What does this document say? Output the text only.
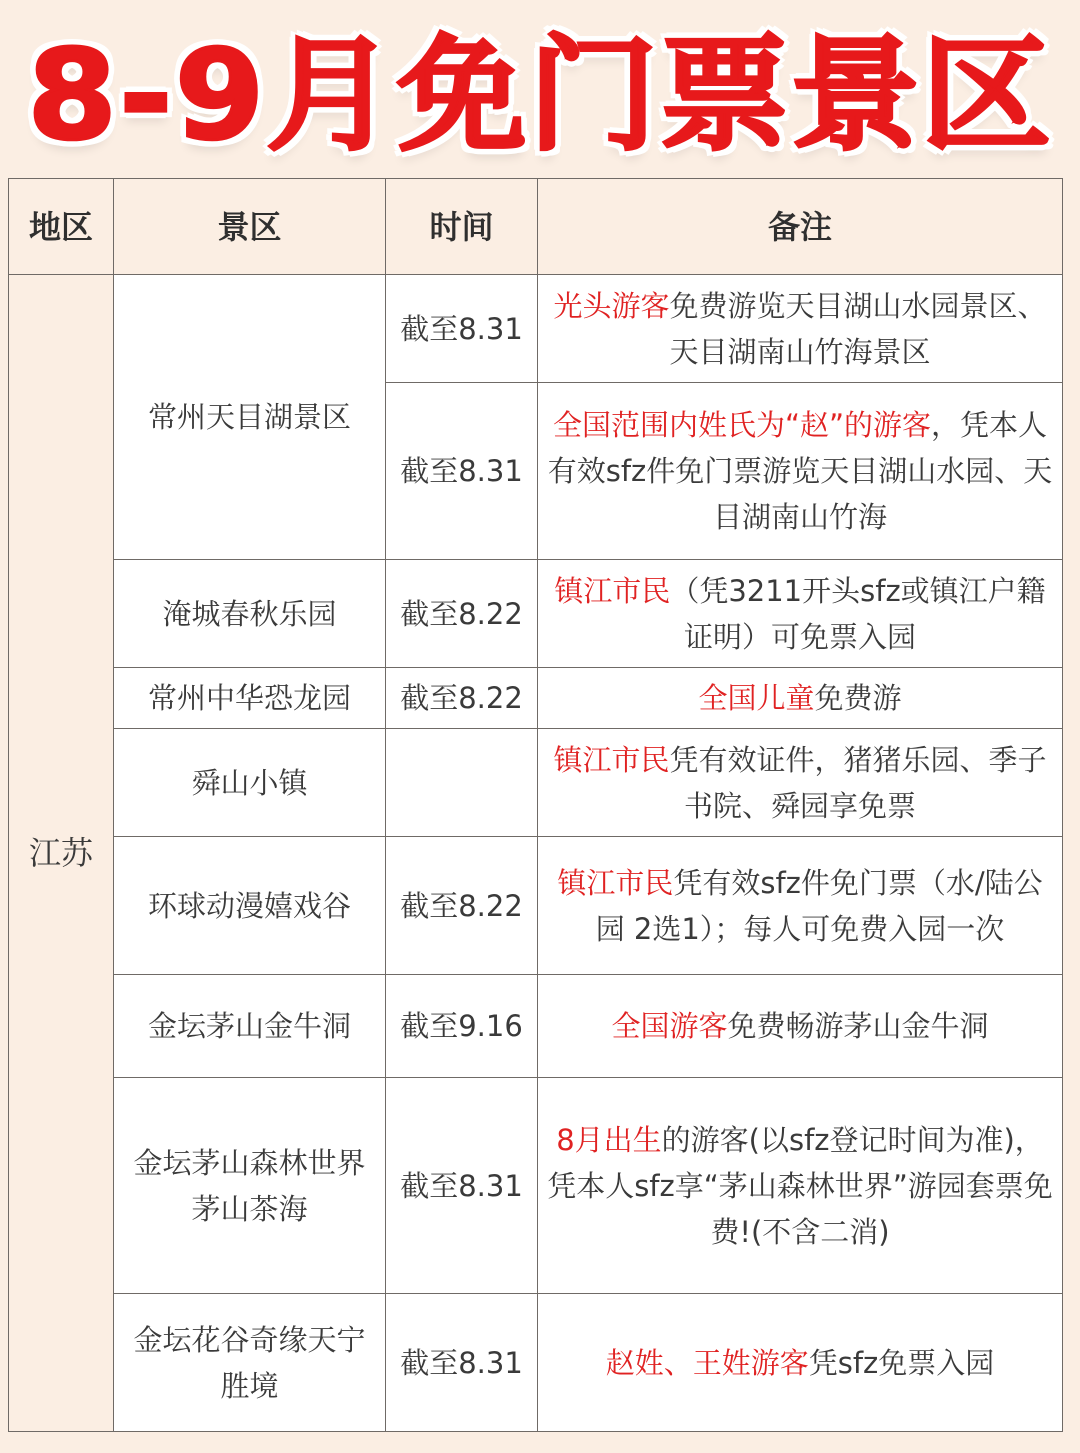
8-9月免门票景区
地区	景区	时间	备注
江苏	常州天目湖景区	截至8.31	光头游客免费游览天目湖山水园景区、天目湖南山竹海景区
		截至8.31	全国范围内姓氏为“赵”的游客，凭本人有效sfz件免门票游览天目湖山水园、天目湖南山竹海
	淹城春秋乐园	截至8.22	镇江市民（凭3211开头sfz或镇江户籍证明）可免票入园
	常州中华恐龙园	截至8.22	全国儿童免费游
	舜山小镇		镇江市民凭有效证件，猪猪乐园、季子书院、舜园享免票
	环球动漫嬉戏谷	截至8.22	镇江市民凭有效sfz件免门票（水/陆公园 2选1）；每人可免费入园一次
	金坛茅山金牛洞	截至9.16	全国游客免费畅游茅山金牛洞
	金坛茅山森林世界茅山茶海	截至8.31	8月出生的游客(以sfz登记时间为准)，凭本人sfz享“茅山森林世界”游园套票免费!(不含二消)
	金坛花谷奇缘天宁胜境	截至8.31	赵姓、王姓游客凭sfz免票入园
